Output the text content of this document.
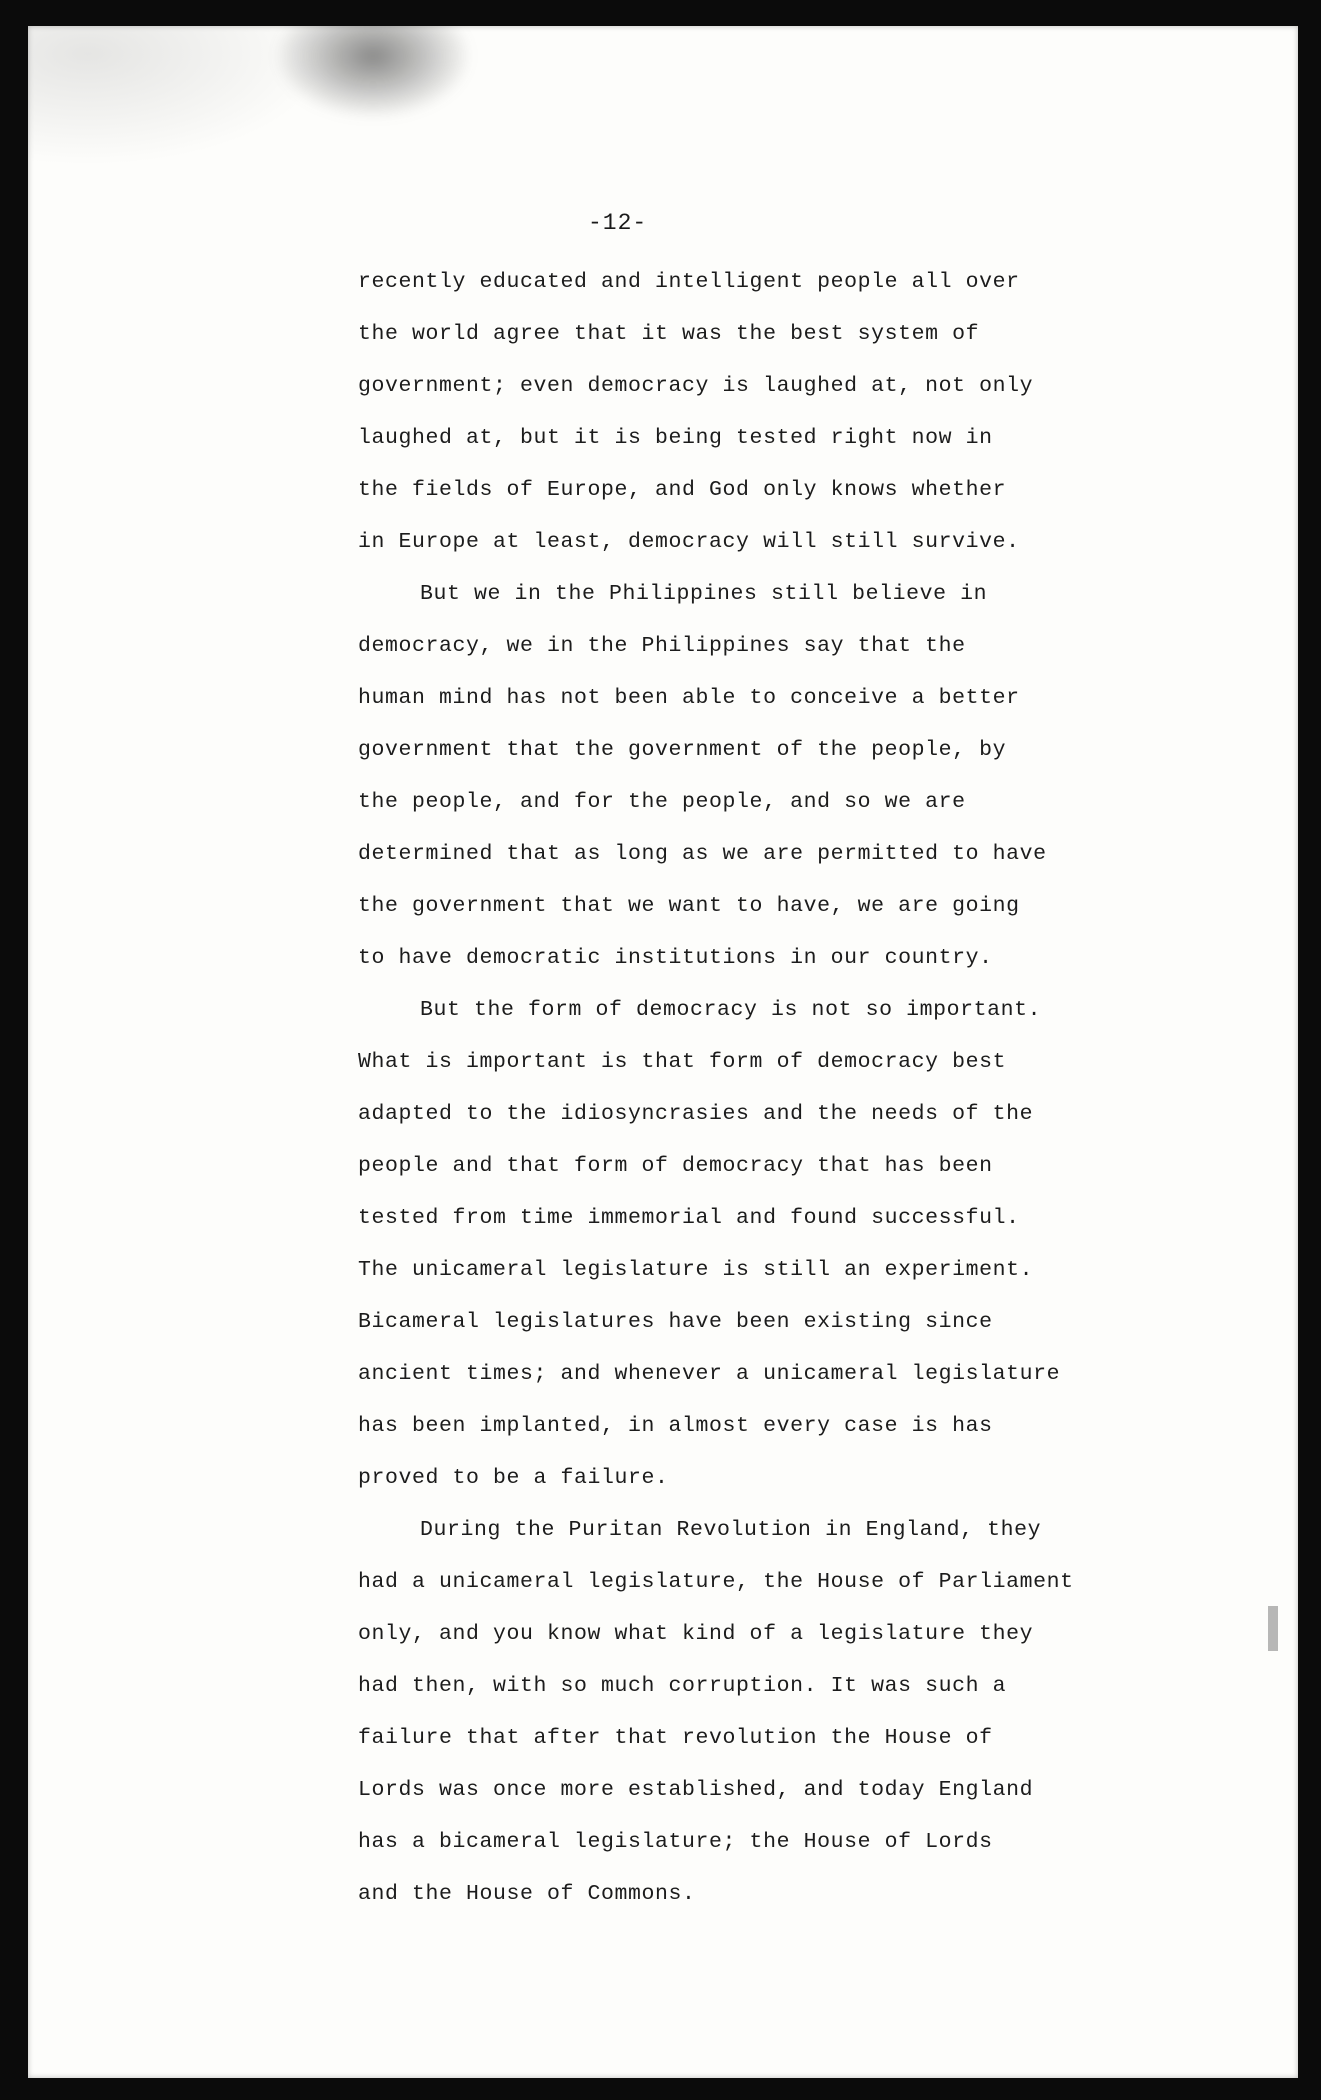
-12-
recently educated and intelligent people all over
the world agree that it was the best system of
government; even democracy is laughed at, not only
laughed at, but it is being tested right now in
the fields of Europe, and God only knows whether
in Europe at least, democracy will still survive.
But we in the Philippines still believe in
democracy, we in the Philippines say that the
human mind has not been able to conceive a better
government that the government of the people, by
the people, and for the people, and so we are
determined that as long as we are permitted to have
the government that we want to have, we are going
to have democratic institutions in our country.
But the form of democracy is not so important.
What is important is that form of democracy best
adapted to the idiosyncrasies and the needs of the
people and that form of democracy that has been
tested from time immemorial and found successful.
The unicameral legislature is still an experiment.
Bicameral legislatures have been existing since
ancient times; and whenever a unicameral legislature
has been implanted, in almost every case is has
proved to be a failure.
During the Puritan Revolution in England, they
had a unicameral legislature, the House of Parliament
only, and you know what kind of a legislature they
had then, with so much corruption. It was such a
failure that after that revolution the House of
Lords was once more established, and today England
has a bicameral legislature; the House of Lords
and the House of Commons.
